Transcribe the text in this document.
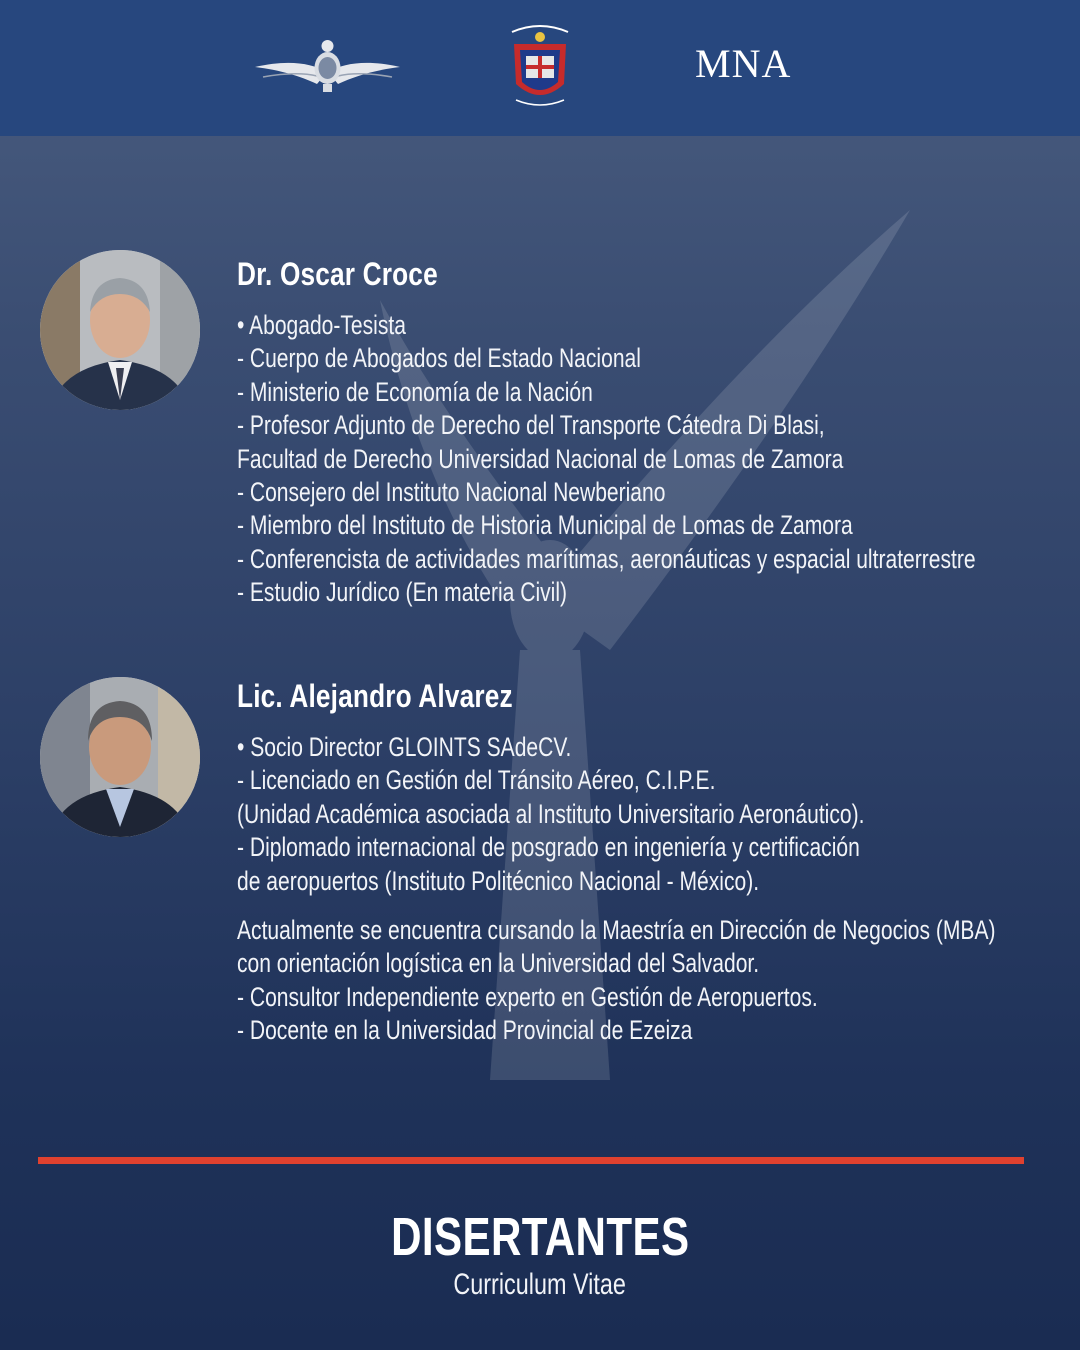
MNA
Dr. Oscar Croce
• Abogado-Tesista
- Cuerpo de Abogados del Estado Nacional
- Ministerio de Economía de la Nación
- Profesor Adjunto de Derecho del Transporte Cátedra Di Blasi,
Facultad de Derecho Universidad Nacional de Lomas de Zamora
- Consejero del Instituto Nacional Newberiano
- Miembro del Instituto de Historia Municipal de Lomas de Zamora
- Conferencista de actividades marítimas, aeronáuticas y espacial ultraterrestre
- Estudio Jurídico (En materia Civil)
Lic. Alejandro Alvarez
• Socio Director GLOINTS SAdeCV.
- Licenciado en Gestión del Tránsito Aéreo, C.I.P.E.
(Unidad Académica asociada al Instituto Universitario Aeronáutico).
- Diplomado internacional de posgrado en ingeniería y certificación
de aeropuertos (Instituto Politécnico Nacional - México).
Actualmente se encuentra cursando la Maestría en Dirección de Negocios (MBA)
con orientación logística en la Universidad del Salvador.
- Consultor Independiente experto en Gestión de Aeropuertos.
- Docente en la Universidad Provincial de Ezeiza
DISERTANTES
Curriculum Vitae
